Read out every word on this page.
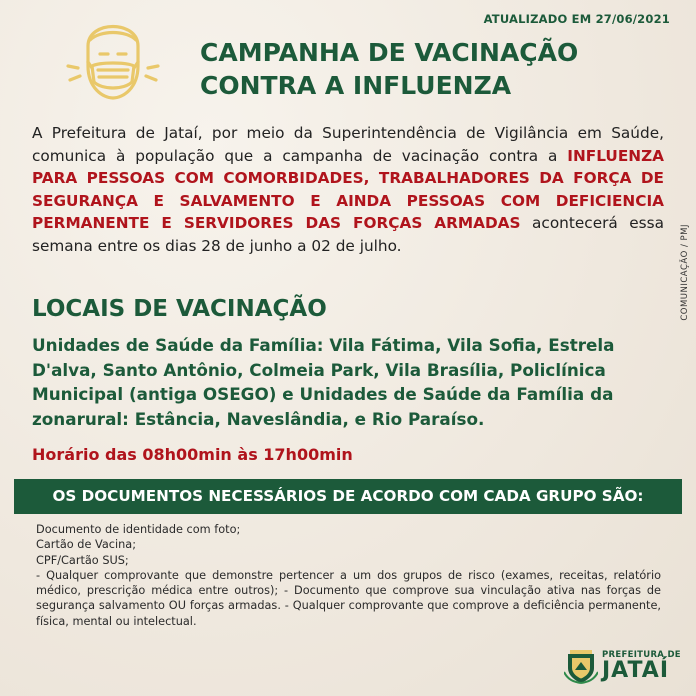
ATUALIZADO EM 27/06/2021
CAMPANHA DE VACINAÇÃO
CONTRA A INFLUENZA

A Prefeitura de Jataí, por meio da Superintendência de Vigilância em Saúde, comunica à população que a campanha de vacinação contra a INFLUENZA PARA PESSOAS COM COMORBIDADES, TRABALHADORES DA FORÇA DE SEGURANÇA E SALVAMENTO E AINDA PESSOAS COM DEFICIENCIA PERMANENTE E SERVIDORES DAS FORÇAS ARMADAS acontecerá essa semana entre os dias 28 de junho a 02 de julho.	COMUNICAÇÃO / PMJ
LOCAIS DE VACINAÇÃO

Unidades de Saúde da Família: Vila Fátima, Vila Sofia, Estrela D'alva, Santo Antônio, Colmeia Park, Vila Brasília, Policlínica Municipal (antiga OSEGO) e Unidades de Saúde da Família da zonarural: Estância, Naveslândia, e Rio Paraíso.

Horário das 08h00min às 17h00min

OS DOCUMENTOS NECESSÁRIOS DE ACORDO COM CADA GRUPO SÃO:
Documento de identidade com foto;
Cartão de Vacina;
CPF/Cartão SUS;
- Qualquer comprovante que demonstre pertencer a um dos grupos de risco (exames, receitas, relatório médico, prescrição médica entre outros); - Documento que comprove sua vinculação ativa nas forças de segurança salvamento OU forças armadas. - Qualquer comprovante que comprove a deficiência permanente, física, mental ou intelectual.
PREFEITURA DE
JATAÍ
